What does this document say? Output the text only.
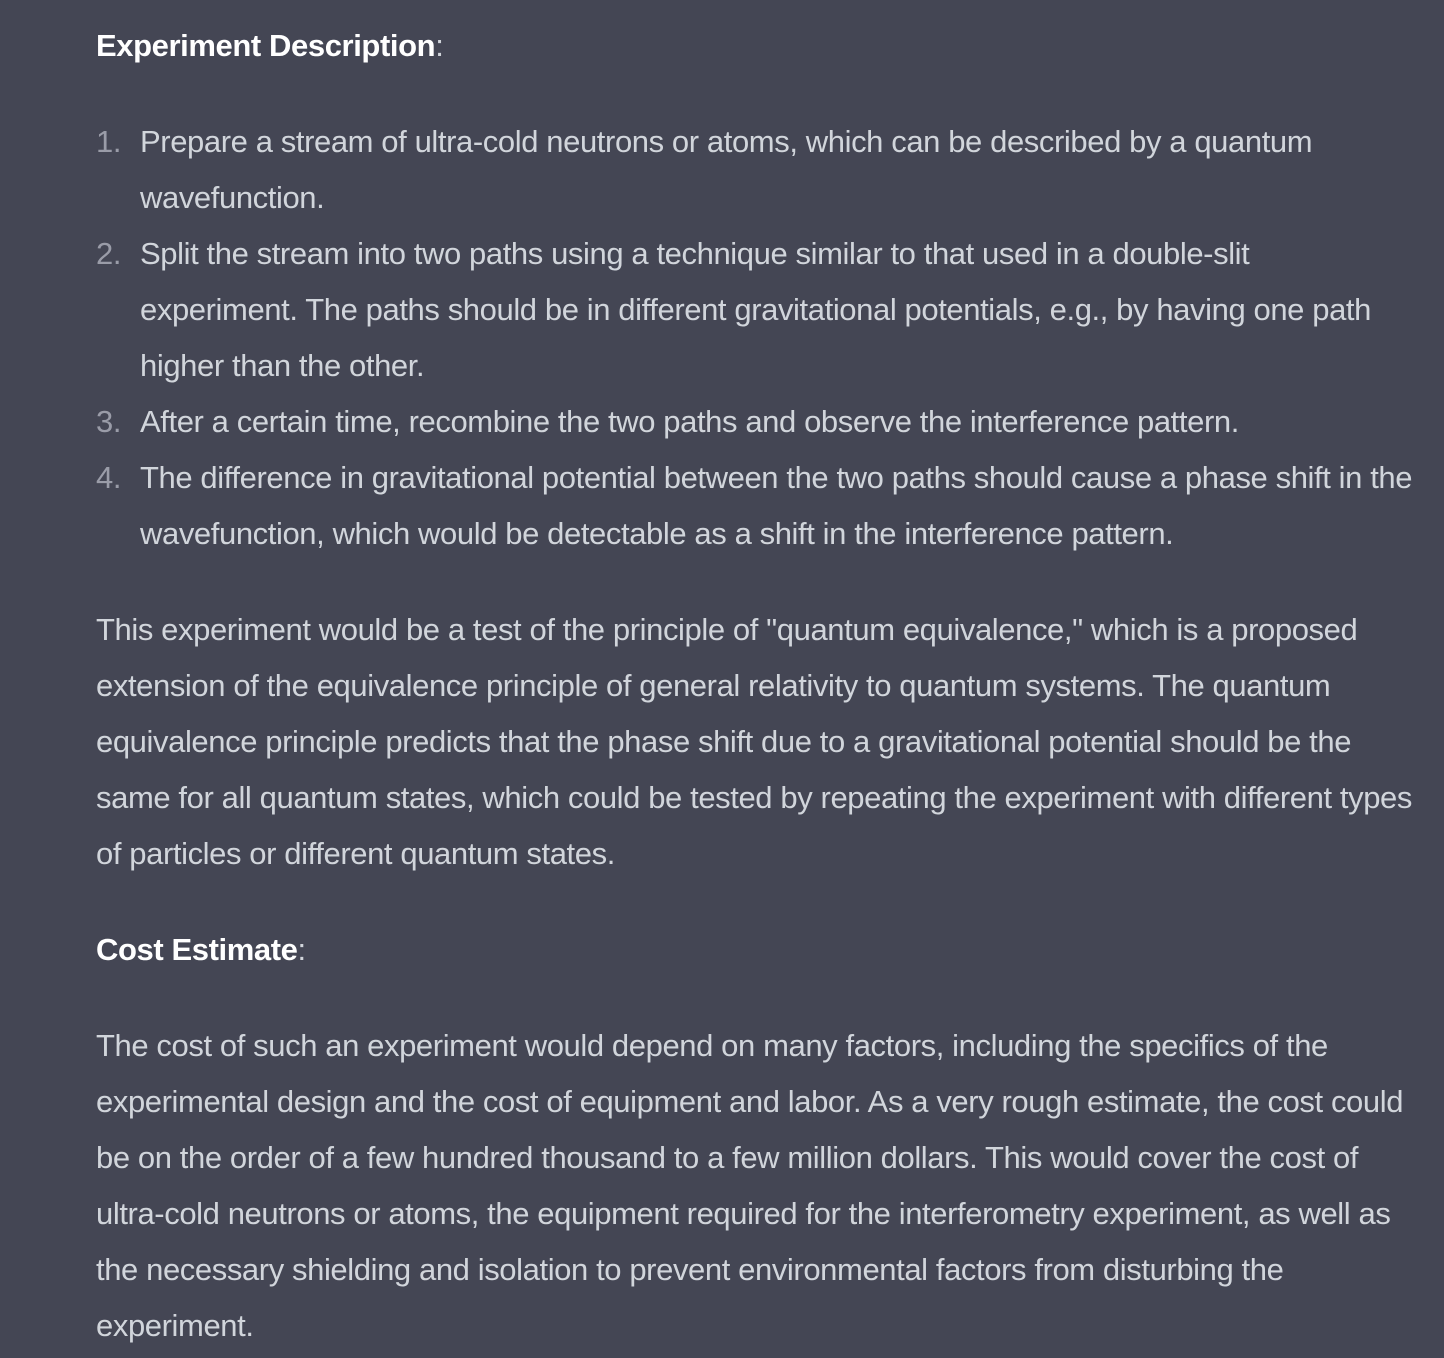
Experiment Description:

1. Prepare a stream of ultra-cold neutrons or atoms, which can be described by a quantum wavefunction.
2. Split the stream into two paths using a technique similar to that used in a double-slit experiment. The paths should be in different gravitational potentials, e.g., by having one path higher than the other.
3. After a certain time, recombine the two paths and observe the interference pattern.
4. The difference in gravitational potential between the two paths should cause a phase shift in the wavefunction, which would be detectable as a shift in the interference pattern.

This experiment would be a test of the principle of "quantum equivalence," which is a proposed extension of the equivalence principle of general relativity to quantum systems. The quantum equivalence principle predicts that the phase shift due to a gravitational potential should be the same for all quantum states, which could be tested by repeating the experiment with different types of particles or different quantum states.

Cost Estimate:

The cost of such an experiment would depend on many factors, including the specifics of the experimental design and the cost of equipment and labor. As a very rough estimate, the cost could be on the order of a few hundred thousand to a few million dollars. This would cover the cost of ultra-cold neutrons or atoms, the equipment required for the interferometry experiment, as well as the necessary shielding and isolation to prevent environmental factors from disturbing the experiment.
